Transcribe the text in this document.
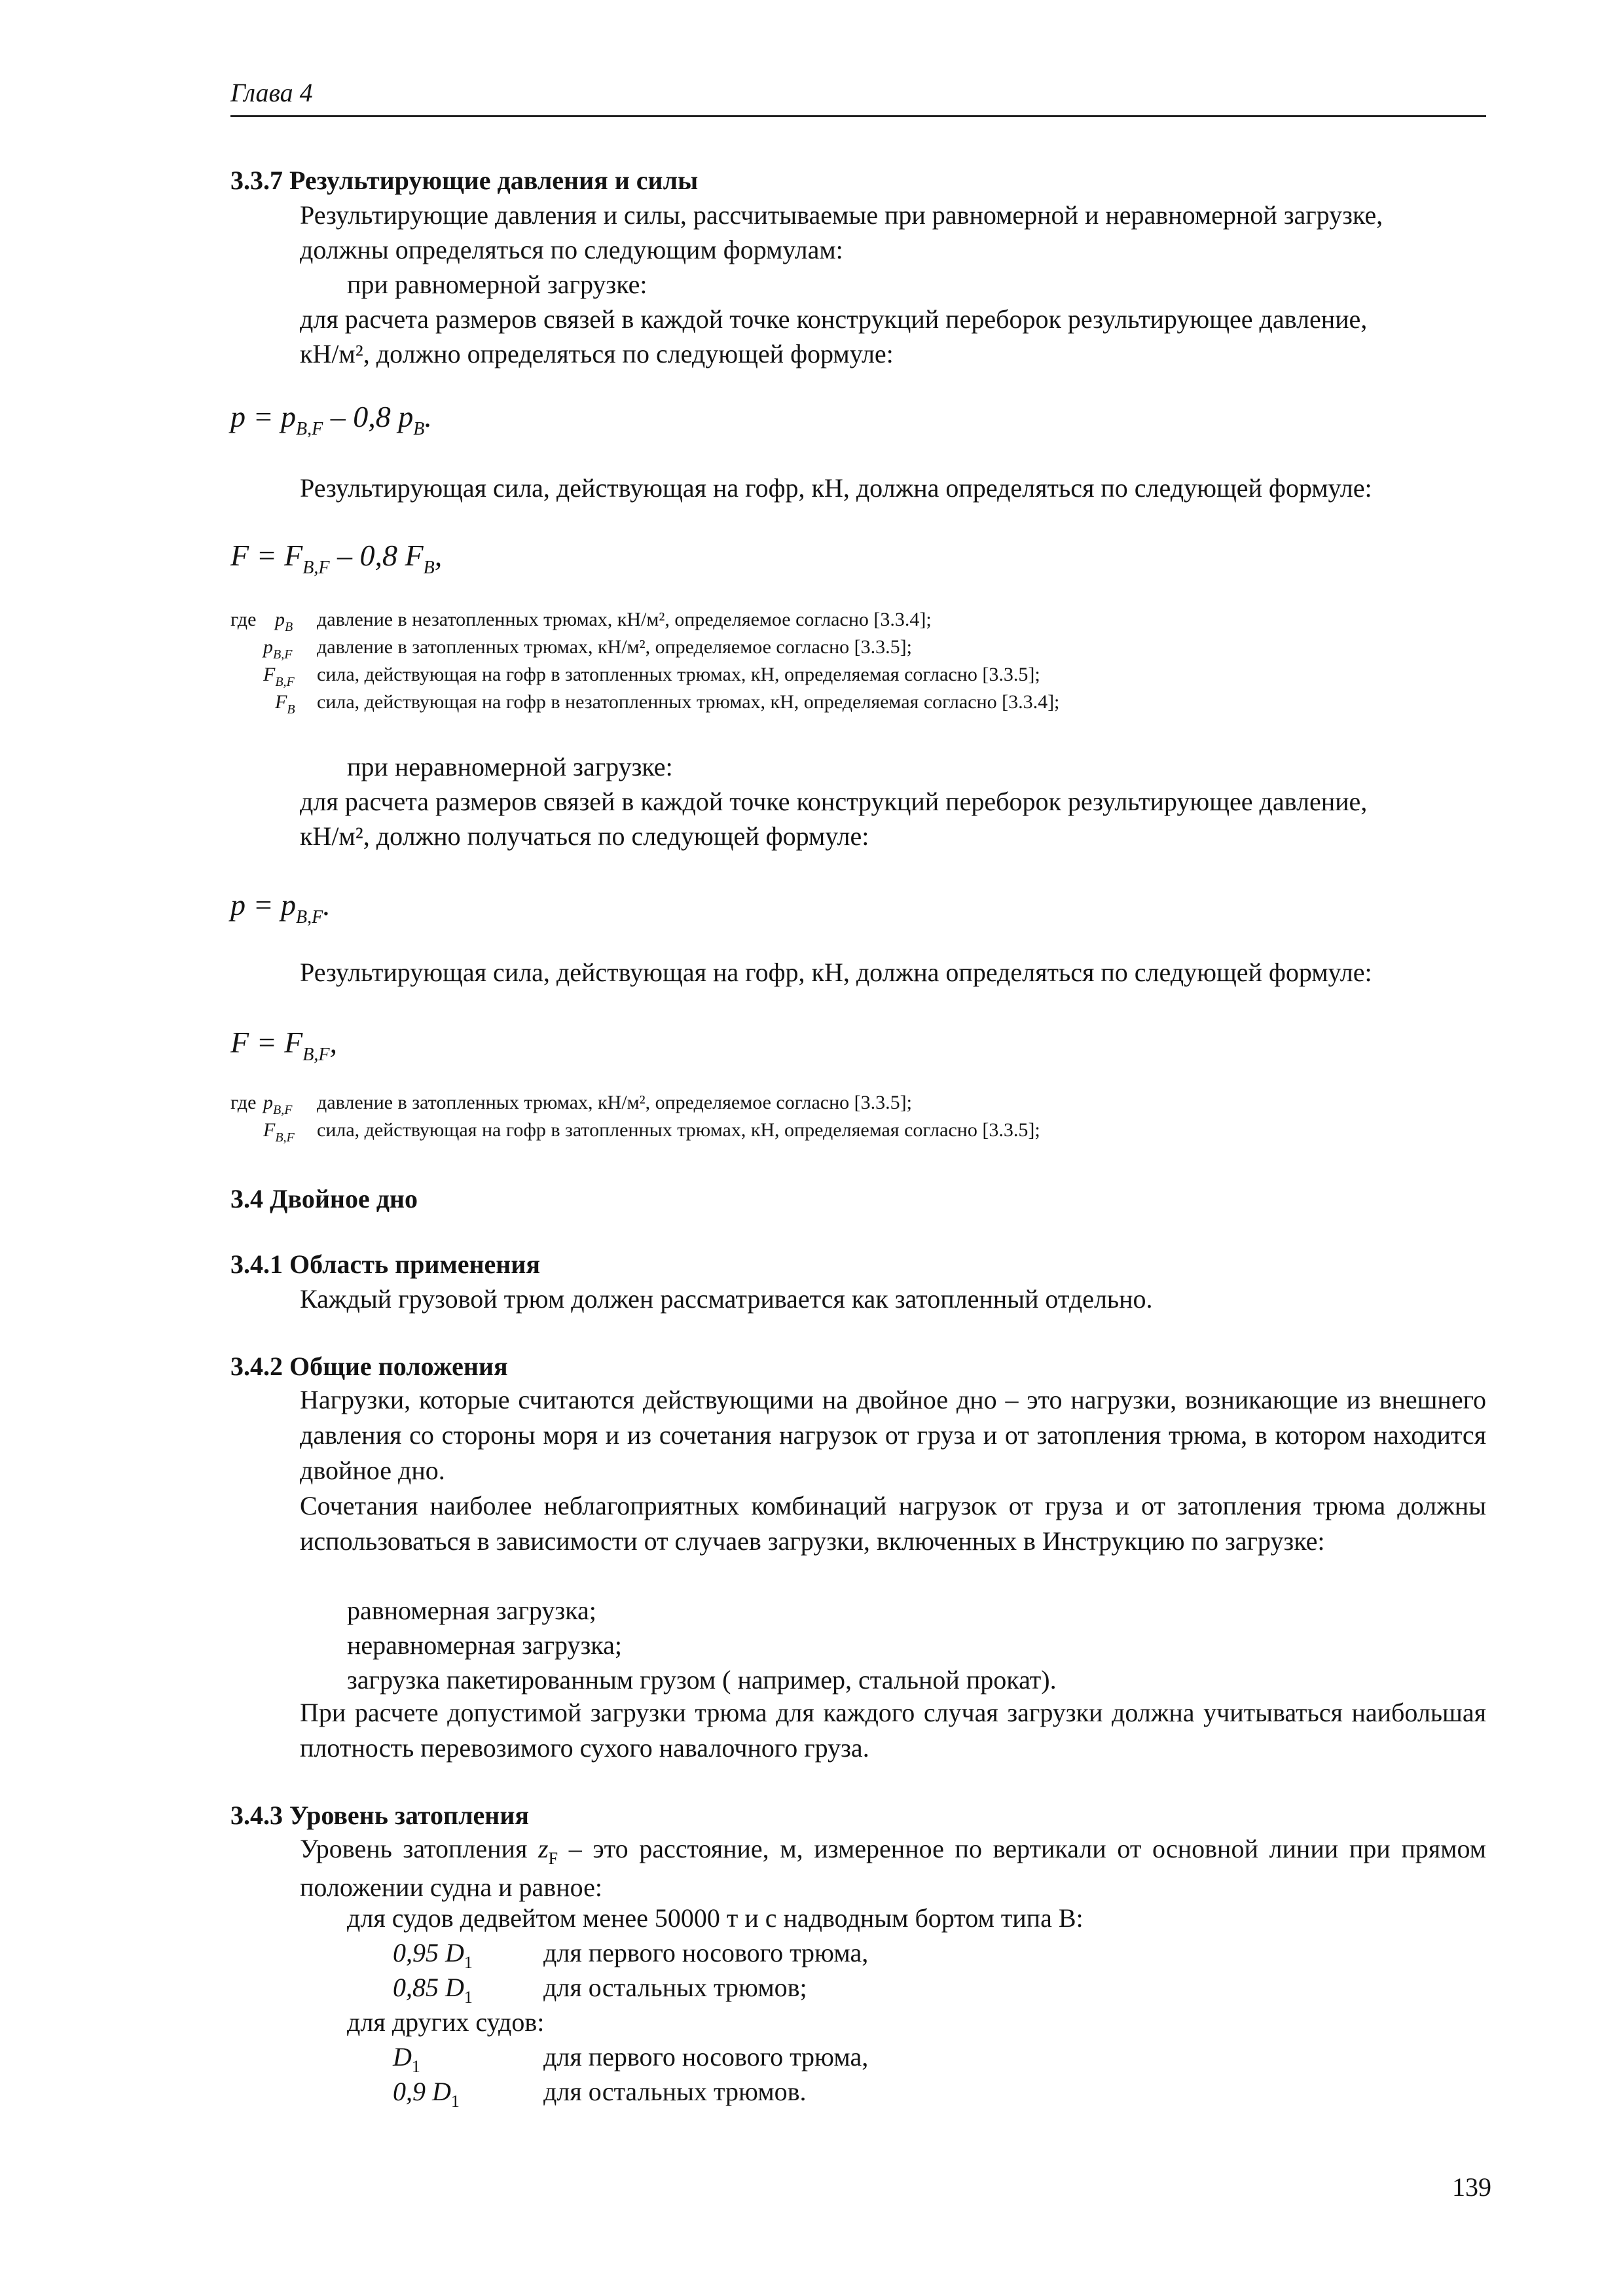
Глава 4
3.3.7 Результирующие давления и силы
Результирующие давления и силы, рассчитываемые при равномерной и неравномерной загрузке,
должны определяться по следующим формулам:
при равномерной загрузке:
для расчета размеров связей в каждой точке конструкций переборок результирующее давление,
кН/м², должно определяться по следующей формуле:
$p = p_{B,F} - 0,8$ $p_B$.
Результирующая сила, действующая на гофр, кН, должна определяться по следующей формуле:
$F = F_{B,F} - 0,8$ $F_B$,
где $p_B$ давление в незатопленных трюмах, кН/м², определяемое согласно [3.3.4];
$p_{B,F}$ давление в затопленных трюмах, кН/м², определяемое согласно [3.3.5];
$F_{B,F}$ сила, действующая на гофр в затопленных трюмах, кН, определяемая согласно [3.3.5];
$F_B$ сила, действующая на гофр в незатопленных трюмах, кН, определяемая согласно [3.3.4];
при неравномерной загрузке:
для расчета размеров связей в каждой точке конструкций переборок результирующее давление,
кН/м², должно получаться по следующей формуле:
$p = p_{B,F}$.
Результирующая сила, действующая на гофр, кН, должна определяться по следующей формуле:
$F = F_{B,F}$,
где $p_{B,F}$ давление в затопленных трюмах, кН/м², определяемое согласно [3.3.5];
$F_{B,F}$ сила, действующая на гофр в затопленных трюмах, кН, определяемая согласно [3.3.5];
3.4 Двойное дно
3.4.1 Область применения
Каждый грузовой трюм должен рассматривается как затопленный отдельно.
3.4.2 Общие положения
Нагрузки, которые считаются действующими на двойное дно – это нагрузки, возникающие из внешнего давления со стороны моря и из сочетания нагрузок от груза и от затопления трюма, в котором находится двойное дно.
Сочетания наиболее неблагоприятных комбинаций нагрузок от груза и от затопления трюма должны использоваться в зависимости от случаев загрузки, включенных в Инструкцию по загрузке:
равномерная загрузка;
неравномерная загрузка;
загрузка пакетированным грузом ( например, стальной прокат).
При расчете допустимой загрузки трюма для каждого случая загрузки должна учитываться наибольшая плотность перевозимого сухого навалочного груза.
3.4.3 Уровень затопления
Уровень затопления $z_F$ – это расстояние, м, измеренное по вертикали от основной линии при прямом положении судна и равное:
для судов дедвейтом менее 50000 т и с надводным бортом типа В:
0,95 $D_1$	для первого носового трюма,
0,85 $D_1$	для остальных трюмов;
для других судов:
$D_1$	для первого носового трюма,
0,9 $D_1$	для остальных трюмов.
139
